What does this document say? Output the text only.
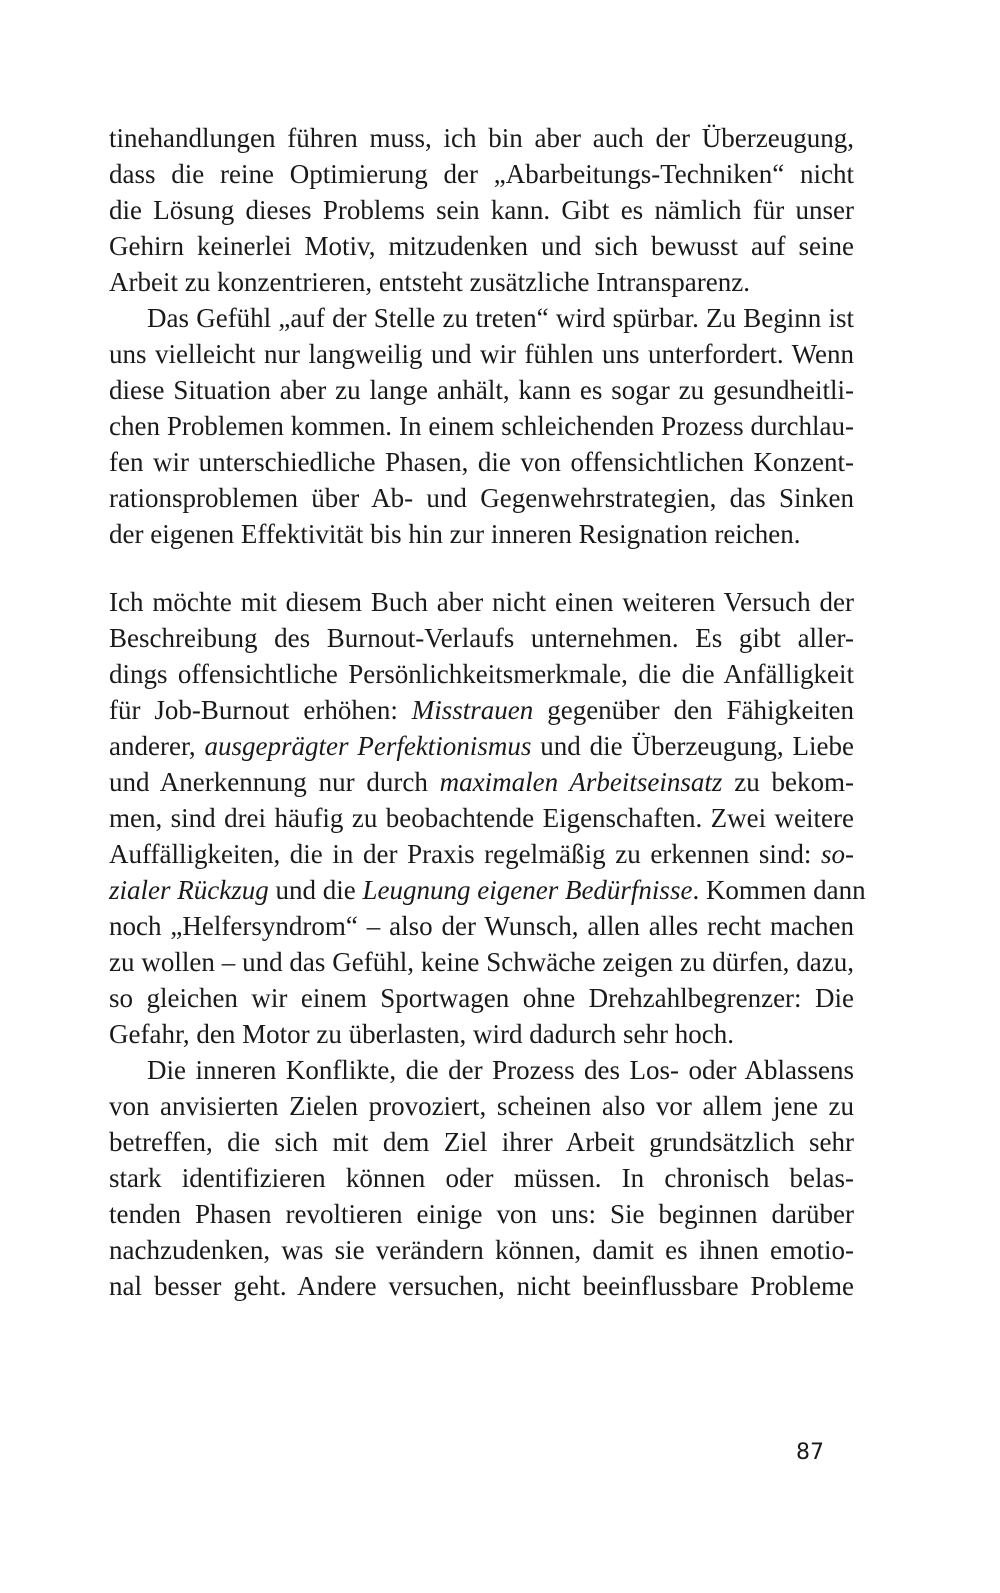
tinehandlungen führen muss, ich bin aber auch der Überzeugung,
dass die reine Optimierung der „Abarbeitungs-Techniken“ nicht
die Lösung dieses Problems sein kann. Gibt es nämlich für unser
Gehirn keinerlei Motiv, mitzudenken und sich bewusst auf seine
Arbeit zu konzentrieren, entsteht zusätzliche Intransparenz.
Das Gefühl „auf der Stelle zu treten“ wird spürbar. Zu Beginn ist
uns vielleicht nur langweilig und wir fühlen uns unterfordert. Wenn
diese Situation aber zu lange anhält, kann es sogar zu gesundheitli-
chen Problemen kommen. In einem schleichenden Prozess durchlau-
fen wir unterschiedliche Phasen, die von offensichtlichen Konzent-
rationsproblemen über Ab- und Gegenwehrstrategien, das Sinken
der eigenen Effektivität bis hin zur inneren Resignation reichen.
Ich möchte mit diesem Buch aber nicht einen weiteren Versuch der
Beschreibung des Burnout-Verlaufs unternehmen. Es gibt aller-
dings offensichtliche Persönlichkeitsmerkmale, die die Anfälligkeit
für Job-Burnout erhöhen: Misstrauen gegenüber den Fähigkeiten
anderer, ausgeprägter Perfektionismus und die Überzeugung, Liebe
und Anerkennung nur durch maximalen Arbeitseinsatz zu bekom-
men, sind drei häufig zu beobachtende Eigenschaften. Zwei weitere
Auffälligkeiten, die in der Praxis regelmäßig zu erkennen sind: so-
zialer Rückzug und die Leugnung eigener Bedürfnisse. Kommen dann
noch „Helfersyndrom“ – also der Wunsch, allen alles recht machen
zu wollen – und das Gefühl, keine Schwäche zeigen zu dürfen, dazu,
so gleichen wir einem Sportwagen ohne Drehzahlbegrenzer: Die
Gefahr, den Motor zu überlasten, wird dadurch sehr hoch.
Die inneren Konflikte, die der Prozess des Los- oder Ablassens
von anvisierten Zielen provoziert, scheinen also vor allem jene zu
betreffen, die sich mit dem Ziel ihrer Arbeit grundsätzlich sehr
stark identifizieren können oder müssen. In chronisch belas-
tenden Phasen revoltieren einige von uns: Sie beginnen darüber
nachzudenken, was sie verändern können, damit es ihnen emotio-
nal besser geht. Andere versuchen, nicht beeinflussbare Probleme
87
